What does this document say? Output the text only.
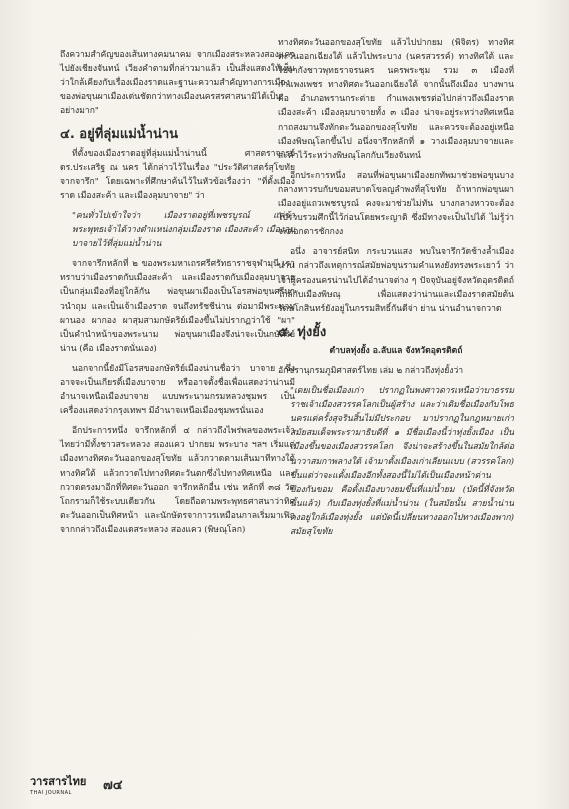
ถึงความสำคัญของเส้นทางคมนาคม จากเมืองสระหลวงสองแควไปยังเชียงจันทน์ เวียงคำตามที่กล่าวมาแล้ว เป็นสิ่งแสดงให้เห็นว่าใกล้เคียงกับเรื่องเมืองราดและฐานะความสำคัญทางการเมืองของพ่อขุนผาเมืองเด่นชัดกว่าทางเมืองนครสรศาสนามิได้เป็นอย่างมาก"

๔. อยู่ที่ลุ่มแม่น้ำน่าน

ที่ตั้งของเมืองราดอยู่ที่ลุ่มแม่น้ำน่านนี้ ศาสตราจารย์ ดร.ประเสริฐ ณ นคร ได้กล่าวไว้ในเรื่อง "ประวัติศาสตร์สุโขทัยจากจารึก" โดยเฉพาะที่ศึกษาค้นไว้ในหัวข้อเรื่องว่า "ที่ตั้งเมืองราด เมืองสะค้า และเมืองลุมบาจาย" ว่า

"คนทั่วไปเข้าใจว่า เมืองราดอยู่ที่เพชรบูรณ์ แต่ข้าพระพุทธเจ้าได้วางตำแหน่งกลุ่มเมืองราด เมืองสะค้า เมืองลุมบาจายไว้ที่ลุ่มแม่น้ำน่าน

จากจารึกหลักที่ ๒ ของพระมหาเถรศรีศรัทธาราชจุฬามุนี เราทราบว่าเมืองราดกับเมืองสะค้า และเมืองราดกับเมืองลุมบาจายเป็นกลุ่มเมืองที่อยู่ใกล้กัน พ่อขุนผาเมืองเป็นโอรสพ่อขุนศรีนาวนำถุม และเป็นเจ้าเมืองราด จนถึงทรัชชีน่าน ต่อมามีพระนาม ผานอง ผากอง ผาสุมสามกษัตริย์เมืองขึ้นไม่ปรากฏว่าใช้ "ผา" เป็นคำนำหน้าของพระนาม พ่อขุนผาเมืองจึงน่าจะเป็นกษัตริย์น่าน (คือ เมืองราดนั่นเอง)

นอกจากนี้ยังมีโอรสของกษัตริย์เมืองน่านชื่อว่า บาจาย ซึ่งอาจจะเป็นเกียรติ์เมืองบาจาย หรืออาจตั้งชื่อเพื่อแสดงว่าน่านมีอำนาจเหนือเมืองบาจาย แบบพระนามกรมหลวงชุมพร เป็นเครื่องแสดงว่ากรุงเทพฯ มีอำนาจเหนือเมืองชุมพรนั่นเอง

อีกประการหนึ่ง จารึกหลักที่ ๔ กล่าวถึงไพร่พลของพระเจ้าไทยว่ามีทั้งชาวสระหลวง สองแคว ปากยม พระบาง ฯลฯ เริ่มแต่เมืองทางทิศตะวันออกของสุโขทัย แล้วกวาดตามเส้นมาทีทางใต้ทางทิศใต้ แล้วกวาดไปทางทิศตะวันตกซึ่งไปทางทิศเหนือ และกวาดตรงมาอีกที่ทิศตะวันออก จารึกหลักอื่น เช่น หลักที่ ๓๘ วัดโถกรามก็ใช้ระบบเดียวกัน โดยถือตามพระพุทธศาสนาว่าทิศตะวันออกเป็นทิศหน้า และนักษัตรจากาวรเหมือนกาลเริ่มมาเฟิกจากกล่าวถึงเมืองแดสระหลวง สองแคว (พิษณุโลก)

ทางทิศตะวันออกของสุโขทัย แล้วไปปากยม (พิจิตร) ทางทิศตะวันออกเฉียงใต้ แล้วไปพระบาง (นครสวรรค์) ทางทิศใต้ และไปจากังชาวพุทธราจรนคร นครพระชุม รวม ๓ เมืองที่กำแพงเพชร ทางทิศตะวันออกเฉียงใต้ จากนั้นถึงเมือง บางพาน คือ อำเภอพรานกระต่าย กำแพงเพชรต่อไปกล่าวถึงเมืองราด เมืองสะค้า เมืองลุมบาจายทั้ง ๓ เมือง น่าจะอยู่ระหว่างทิศเหนือกาถสงมานจึงทักตะวันออกของสุโขทัย และควรจะต้องอยู่เหนือเมืองพิษณุโลกขึ้นไป อนึ่งจารึกหลักที่ ๑ วางเมืองลุมบาจายและสะค้าไว้ระหว่างพิษณุโลกกับเวียงจันทน์

อีกประการหนึ่ง สอนที่พ่อขุนผาเมืองยกทัพมาช่วยพ่อขุนบางกลางหาวรบกับขอมสบาดโขลญลำพงที่สุโขทัย ถ้าหากพ่อขุนผาเมืองอยู่แถวเพชรบูรณ์ คงจะมาช่วยไม่ทัน บางกลางหาวจะต้องไปรวบรวมศึกนี้ไว้ก่อนโดยพระญาติ ซึ่งมีทางจะเป็นไปได้ ไม่รู้ว่าจะตอกตารชักกงง

อนึ่ง อาจารย์สนิท กระบวนแสง พบในจารึกวัดช้างล้ำเมืองน่าน กล่าวถึงเหตุการณ์สมัยพ่อขุนรามคำแหงยังทรงพระเยาว์ ว่าเจ้าผู้ครองนครน่านไปได้อำนาจต่าง ๆ ปัจจุบันอยู่จังหวัดอุตรดิตถ์ ใกล้กับเมืองพิษณุ เพื่อแสดงว่าน่านและเมืองราดสมัยต้นรัตนโกสินทร์ยังอยู่ในกรรมสิทธิ์กันดีจ่า ย่าน น่านอำนาจกวาด

๕. ทุ่งยั้ง

ตำบลทุ่งยั้ง อ.ลับแล จังหวัดอุตรดิตถ์

อักขรานุกรมภูมิศาสตร์ไทย เล่ม ๒ กล่าวถึงทุ่งยั้งว่า

"เดยเป็นชื่อเมืองเก่า ปรากฏในพงศาวดารเหนือว่าบาธรรมราชเจ้าเมืองสวรรคโลกเป็นผู้สร้าง และว่าเดิมชื่อเมืองกับโพธนครแต่ครั้งสุจรินสิ้นไม่มีประกอบ มาปรากฏในกฎหมายเก่า สมัยสมเด็จพระรามาธิบดีที่ ๑ มีชื่อเมืองนี้ว่าทุ่งยั้งเมือง เป็นเมืองขึ้นของเมืองสวรรคโลก จึงน่าจะสร้างขึ้นในสมัยใกล้ต่อนาวาสมกาพลางใต้ เจ้ามาตั้งเมืองเก่าเลียนแบบ (สวรรคโลก) ขึ้นแต่ว่าจะแตั้งเมืองอีกทั้งสองนี้ไม่ได้เป็นเมืองหน้าด่านป้องกันขอม คือตั้งเมืองบางยมขึ้นที่แม่น้ำยม (บัดนี้ที่จังหวัดนั้นแล้ว) กับเมืองทุ่งยั้งที่แม่น้ำน่าน (ในสมัยนั้น สายน้ำน่านคงอยู่ใกล้เมืองทุ่งยั้ง แต่บัดนี้เปลี่ยนทางออกไปทางเมืองพาก) สมัยสุโขทัย

วารสารไทย
THAI JOURNAL	๗๔
